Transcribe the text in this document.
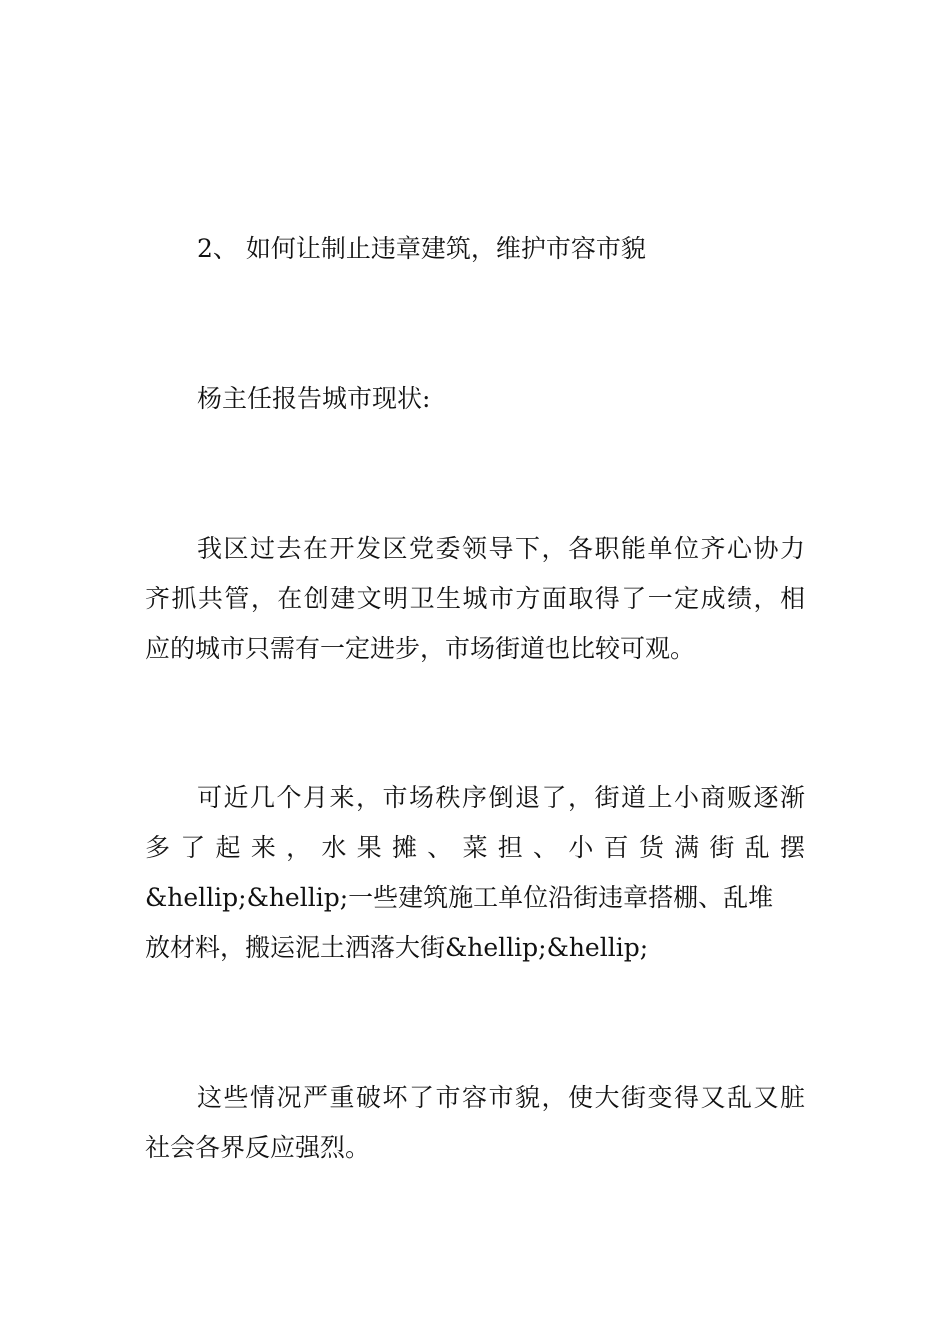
2、 如何让制止违章建筑，维护市容市貌
杨主任报告城市现状:
我区过去在开发区党委领导下，各职能单位齐心协力
齐抓共管，在创建文明卫生城市方面取得了一定成绩，相
应的城市只需有一定进步，市场街道也比较可观。
可近几个月来，市场秩序倒退了，街道上小商贩逐渐
多了起来，水果摊、菜担、小百货满街乱摆
&hellip;&hellip;一些建筑施工单位沿街违章搭棚、乱堆
放材料，搬运泥土洒落大街&hellip;&hellip;
这些情况严重破坏了市容市貌，使大街变得又乱又脏
社会各界反应强烈。
